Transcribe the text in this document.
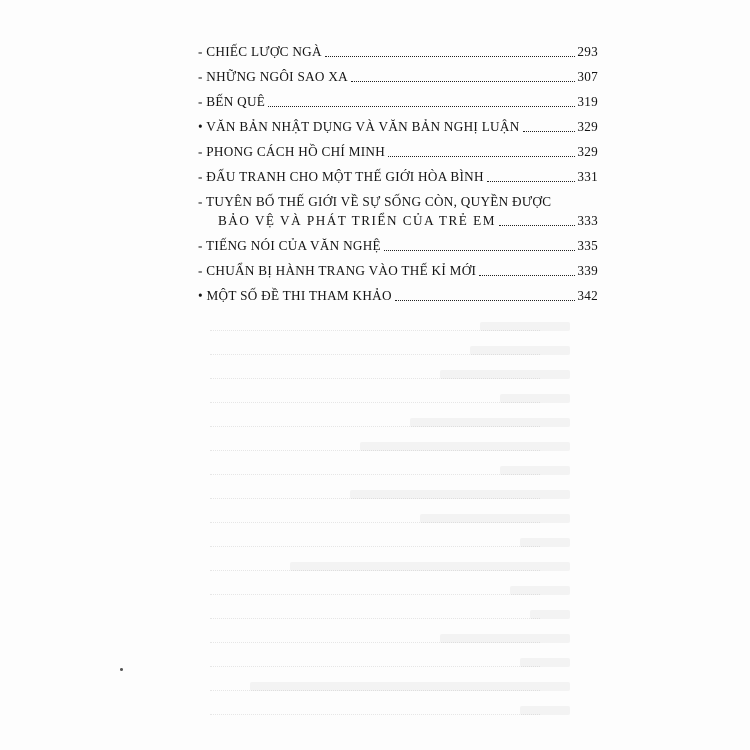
- CHIẾC LƯỢC NGÀ	293
- NHỮNG NGÔI SAO XA	307
- BẾN QUÊ	319
• VĂN BẢN NHẬT DỤNG VÀ VĂN BẢN NGHỊ LUẬN	329
- PHONG CÁCH HỒ CHÍ MINH	329
- ĐẤU TRANH CHO MỘT THẾ GIỚI HÒA BÌNH	331
- TUYÊN BỐ THẾ GIỚI VỀ SỰ SỐNG CÒN, QUYỀN ĐƯỢC
BẢO VỆ VÀ PHÁT TRIỂN CỦA TRẺ EM	333
- TIẾNG NÓI CỦA VĂN NGHỆ	335
- CHUẨN BỊ HÀNH TRANG VÀO THẾ KỈ MỚI	339
• MỘT SỐ ĐỀ THI THAM KHẢO	342
